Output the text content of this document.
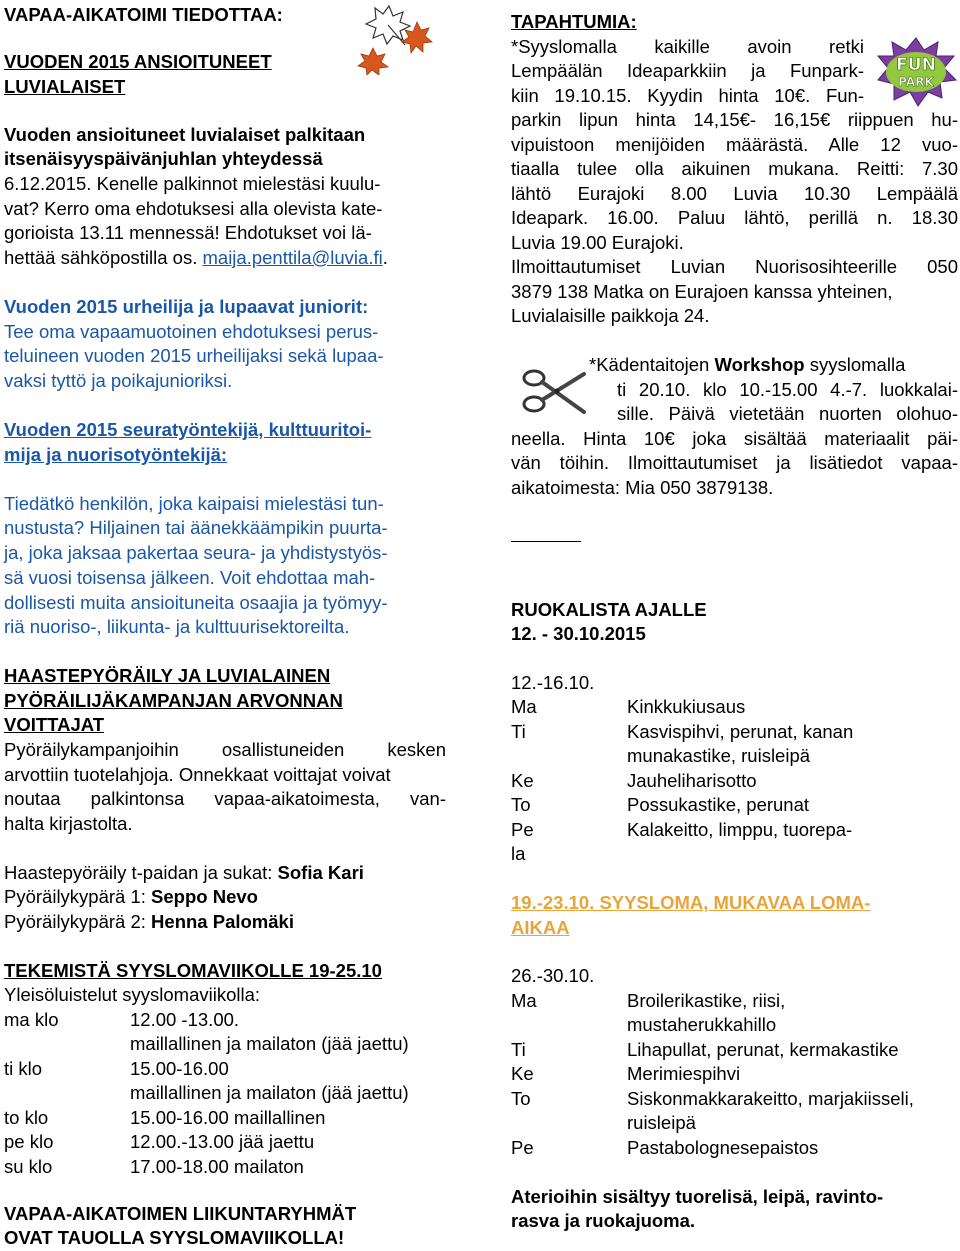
VAPAA-AIKATOIMI TIEDOTTAA:
VUODEN 2015 ANSIOITUNEET
LUVIALAISET
Vuoden ansioituneet luvialaiset palkitaan
itsenäisyyspäivänjuhlan yhteydessä
6.12.2015. Kenelle palkinnot mielestäsi kuulu-
vat? Kerro oma ehdotuksesi alla olevista kate-
gorioista 13.11 mennessä! Ehdotukset voi lä-
hettää sähköpostilla os. maija.penttila@luvia.fi.
Vuoden 2015 urheilija ja lupaavat juniorit:
Tee oma vapaamuotoinen ehdotuksesi perus-
teluineen vuoden 2015 urheilijaksi sekä lupaa-
vaksi tyttö ja poikajunioriksi.
Vuoden 2015 seuratyöntekijä, kulttuuritoi-
mija ja nuorisotyöntekijä:
Tiedätkö henkilön, joka kaipaisi mielestäsi tun-
nustusta? Hiljainen tai äänekkäämpikin puurta-
ja, joka jaksaa pakertaa seura- ja yhdistystyös-
sä vuosi toisensa jälkeen. Voit ehdottaa mah-
dollisesti muita ansioituneita osaajia ja työmyy-
riä nuoriso-, liikunta- ja kulttuurisektoreilta.
HAASTEPYÖRÄILY JA LUVIALAINEN
PYÖRÄILIJÄKAMPANJAN ARVONNAN
VOITTAJAT
Pyöräilykampanjoihin osallistuneiden kesken
arvottiin tuotelahjoja. Onnekkaat voittajat voivat
noutaa palkintonsa vapaa-aikatoimesta, van-
halta kirjastolta.
Haastepyöräily t-paidan ja sukat: Sofia Kari
Pyöräilykypärä 1: Seppo Nevo
Pyöräilykypärä 2: Henna Palomäki
TEKEMISTÄ SYYSLOMAVIIKOLLE 19-25.10
Yleisöluistelut syyslomaviikolla:
ma klo	12.00 -13.00.
maillallinen ja mailaton (jää jaettu)
ti klo	15.00-16.00
maillallinen ja mailaton (jää jaettu)
to klo	15.00-16.00 maillallinen
pe klo	12.00.-13.00 jää jaettu
su klo	17.00-18.00 mailaton
VAPAA-AIKATOIMEN LIIKUNTARYHMÄT
OVAT TAUOLLA SYYSLOMAVIIKOLLA!
TAPAHTUMIA:
*Syyslomalla kaikille avoin retki
Lempäälän Ideaparkkiin ja Funpark-
kiin 19.10.15. Kyydin hinta 10€. Fun-
parkin lipun hinta 14,15€- 16,15€ riippuen hu-
vipuistoon menijöiden määrästä. Alle 12 vuo-
tiaalla tulee olla aikuinen mukana. Reitti: 7.30
lähtö Eurajoki 8.00 Luvia 10.30 Lempäälä
Ideapark. 16.00. Paluu lähtö, perillä n. 18.30
Luvia 19.00 Eurajoki.
Ilmoittautumiset Luvian Nuorisosihteerille 050
3879 138 Matka on Eurajoen kanssa yhteinen,
Luvialaisille paikkoja 24.
*Kädentaitojen Workshop syyslomalla
ti 20.10. klo 10.-15.00 4.-7. luokkalai-
sille. Päivä vietetään nuorten olohuo-
neella. Hinta 10€ joka sisältää materiaalit päi-
vän töihin. Ilmoittautumiset ja lisätiedot vapaa-
aikatoimesta: Mia 050 3879138.
RUOKALISTA AJALLE
12. - 30.10.2015
12.-16.10.
Ma	Kinkkukiusaus
Ti	Kasvispihvi, perunat, kanan
munakastike, ruisleipä
Ke	Jauheliharisotto
To	Possukastike, perunat
Pe	Kalakeitto, limppu, tuorepa-
la
19.-23.10. SYYSLOMA, MUKAVAA LOMA-
AIKAA
26.-30.10.
Ma	Broilerikastike, riisi,
mustaherukkahillo
Ti	Lihapullat, perunat, kermakastike
Ke	Merimiespihvi
To	Siskonmakkarakeitto, marjakiisseli,
ruisleipä
Pe	Pastabolognesepaistos
Aterioihin sisältyy tuorelisä, leipä, ravinto-
rasva ja ruokajuoma.
FUN
PARK
